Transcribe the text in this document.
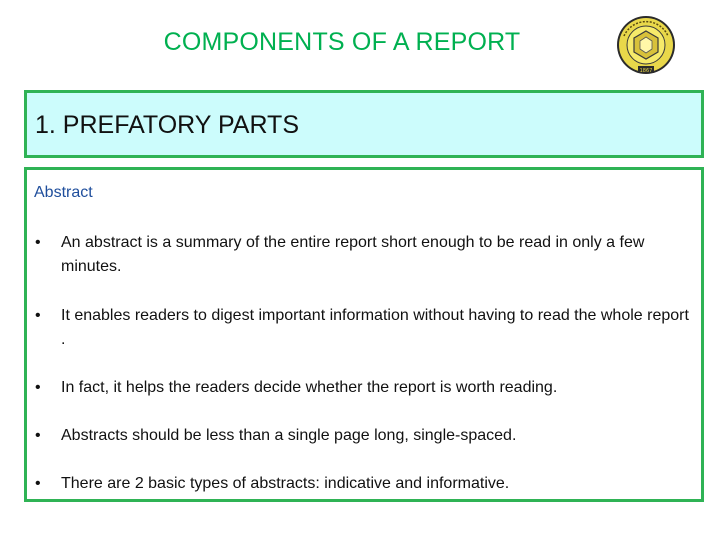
COMPONENTS OF A REPORT
1867
1. PREFATORY PARTS
Abstract
•	An abstract is a summary of the entire report short enough to be read in only a few minutes.
•	It enables readers to digest important information without having to read the whole report .
•	In fact, it helps the readers decide whether the report is worth reading.
•	Abstracts should be less than a single page long, single-spaced.
•	There are 2 basic types of abstracts: indicative and informative.
